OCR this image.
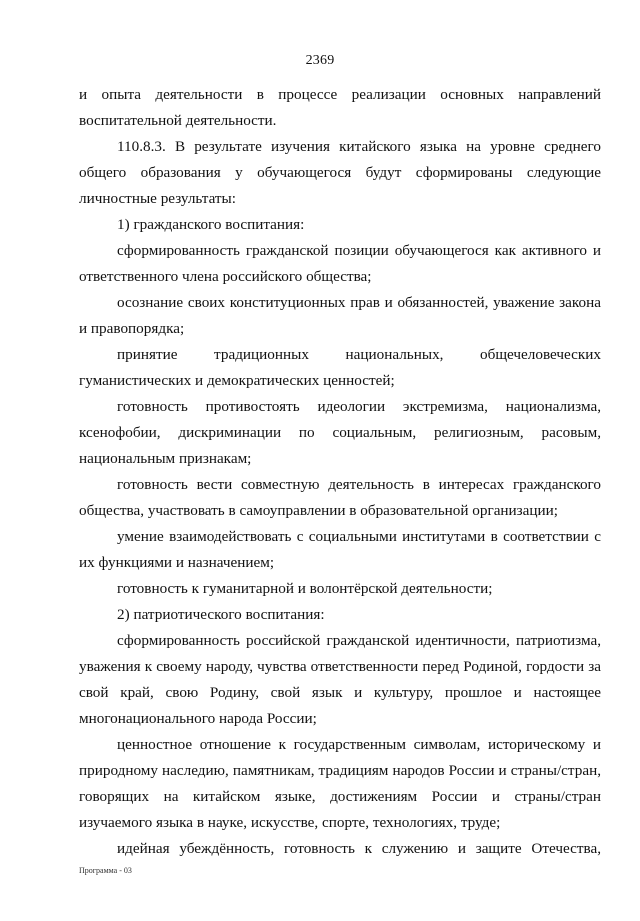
2369

и опыта деятельности в процессе реализации основных направлений воспитательной деятельности.

110.8.3. В результате изучения китайского языка на уровне среднего общего образования у обучающегося будут сформированы следующие личностные результаты:

1) гражданского воспитания:

сформированность гражданской позиции обучающегося как активного и ответственного члена российского общества;

осознание своих конституционных прав и обязанностей, уважение закона и правопорядка;

принятие традиционных национальных, общечеловеческих гуманистических и демократических ценностей;

готовность противостоять идеологии экстремизма, национализма, ксенофобии, дискриминации по социальным, религиозным, расовым, национальным признакам;

готовность вести совместную деятельность в интересах гражданского общества, участвовать в самоуправлении в образовательной организации;

умение взаимодействовать с социальными институтами в соответствии с их функциями и назначением;

готовность к гуманитарной и волонтёрской деятельности;

2) патриотического воспитания:

сформированность российской гражданской идентичности, патриотизма, уважения к своему народу, чувства ответственности перед Родиной, гордости за свой край, свою Родину, свой язык и культуру, прошлое и настоящее многонационального народа России;

ценностное отношение к государственным символам, историческому и природному наследию, памятникам, традициям народов России и страны/стран, говорящих на китайском языке, достижениям России и страны/стран изучаемого языка в науке, искусстве, спорте, технологиях, труде;

идейная убеждённость, готовность к служению и защите Отечества,

Программа - 03
